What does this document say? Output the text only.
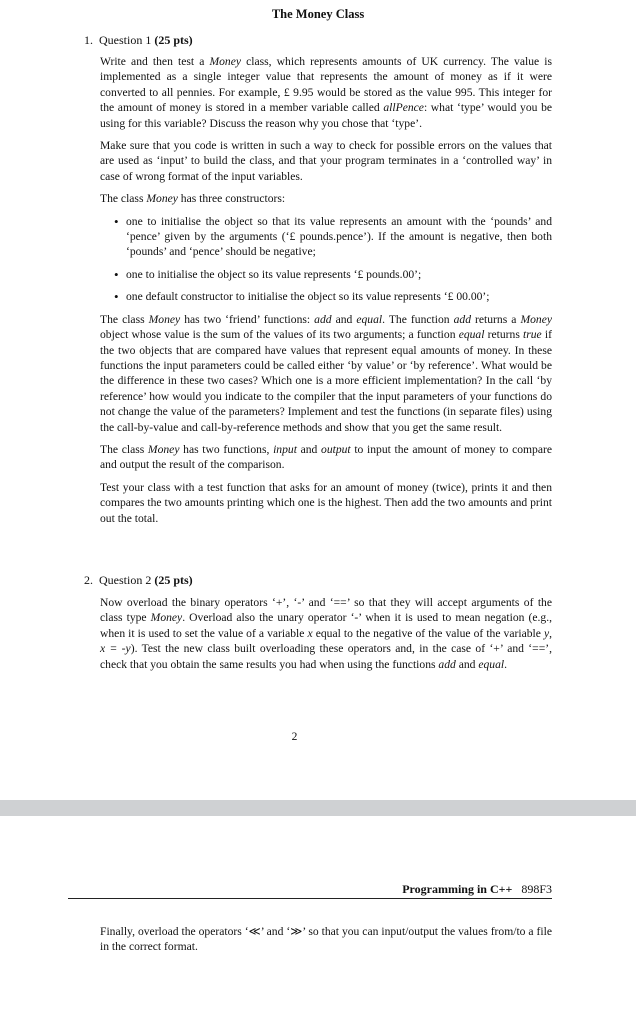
The Money Class
1. Question 1 (25 pts)

Write and then test a Money class, which represents amounts of UK currency. The value is implemented as a single integer value that represents the amount of money as if it were converted to all pennies. For example, £ 9.95 would be stored as the value 995. This integer for the amount of money is stored in a member variable called allPence: what ‘type’ would you be using for this variable? Discuss the reason why you chose that ‘type’.

Make sure that you code is written in such a way to check for possible errors on the values that are used as ‘input’ to build the class, and that your program terminates in a ‘controlled way’ in case of wrong format of the input variables.

The class Money has three constructors:

• one to initialise the object so that its value represents an amount with the ‘pounds’ and ‘pence’ given by the arguments (‘£ pounds.pence’). If the amount is negative, then both ‘pounds’ and ‘pence’ should be negative;
• one to initialise the object so its value represents ‘£ pounds.00’;
• one default constructor to initialise the object so its value represents ‘£ 00.00’;

The class Money has two ‘friend’ functions: add and equal. The function add returns a Money object whose value is the sum of the values of its two arguments; a function equal returns true if the two objects that are compared have values that represent equal amounts of money. In these functions the input parameters could be called either ‘by value’ or ‘by reference’. What would be the difference in these two cases? Which one is a more efficient implementation? In the call ‘by reference’ how would you indicate to the compiler that the input parameters of your functions do not change the value of the parameters? Implement and test the functions (in separate files) using the call-by-value and call-by-reference methods and show that you get the same result.

The class Money has two functions, input and output to input the amount of money to compare and output the result of the comparison.

Test your class with a test function that asks for an amount of money (twice), prints it and then compares the two amounts printing which one is the highest. Then add the two amounts and print out the total.

2. Question 2 (25 pts)

Now overload the binary operators ‘+’, ‘-’ and ‘==’ so that they will accept arguments of the class type Money. Overload also the unary operator ‘-’ when it is used to mean negation (e.g., when it is used to set the value of a variable x equal to the negative of the value of the variable y, x = -y). Test the new class built overloading these operators and, in the case of ‘+’ and ‘==’, check that you obtain the same results you had when using the functions add and equal.

2
Programming in C++ 898F3
Finally, overload the operators ‘≪’ and ‘≫’ so that you can input/output the values from/to a file in the correct format.
